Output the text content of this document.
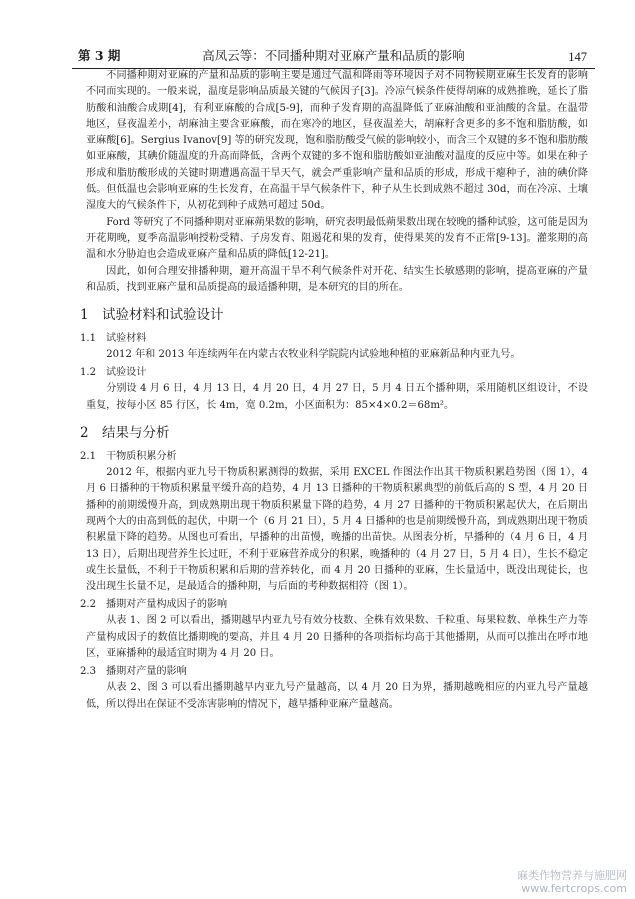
第 3 期	高凤云等：不同播种期对亚麻产量和品质的影响	147

不同播种期对亚麻的产量和品质的影响主要是通过气温和降雨等环境因子对不同物候期亚麻生长发育的影响不同而实现的。一般来说，温度是影响品质最关键的气候因子[3]。冷凉气候条件使得胡麻的成熟推晚，延长了脂肪酸和油酸合成期[4]，有利亚麻酸的合成[5-9]，而种子发育期的高温降低了亚麻油酸和亚油酸的含量。在温带地区，昼夜温差小，胡麻油主要含亚麻酸，而在寒冷的地区，昼夜温差大，胡麻籽含更多的多不饱和脂肪酸，如亚麻酸[6]。Sergius Ivanov[9] 等的研究发现，饱和脂肪酸受气候的影响较小，而含三个双键的多不饱和脂肪酸如亚麻酸，其碘价随温度的升高而降低，含两个双键的多不饱和脂肪酸如亚油酸对温度的反应中等。如果在种子形成和脂肪酸形成的关键时期遭遇高温干旱天气，就会严重影响产量和品质的形成，形成干瘪种子，油的碘价降低。但低温也会影响亚麻的生长发育，在高温干旱气候条件下，种子从生长到成熟不超过 30d，而在冷凉、土壤湿度大的气候条件下，从初花到种子成熟可超过 50d。

Ford 等研究了不同播种期对亚麻蒴果数的影响，研究表明最低蒴果数出现在较晚的播种试验，这可能是因为开花期晚，夏季高温影响授粉受精、子房发育、阻遏花和果的发育，使得果荚的发育不正常[9-13]。灌浆期的高温和水分胁迫也会造成亚麻产量和品质的降低[12-21]。

因此，如何合理安排播种期，避开高温干旱不利气候条件对开花、结实生长敏感期的影响，提高亚麻的产量和品质，找到亚麻产量和品质提高的最适播种期，是本研究的目的所在。

1 试验材料和试验设计
1.1 试验材料

2012 年和 2013 年连续两年在内蒙古农牧业科学院院内试验地种植的亚麻新品种内亚九号。

1.2 试验设计

分别设 4 月 6 日，4 月 13 日，4 月 20 日，4 月 27 日，5 月 4 日五个播种期，采用随机区组设计，不设重复，按每小区 85 行区，长 4m，宽 0.2m，小区面积为：85×4×0.2＝68m²。

2 结果与分析
2.1 干物质积累分析

2012 年，根据内亚九号干物质积累测得的数据，采用 EXCEL 作图法作出其干物质积累趋势图（图 1），4 月 6 日播种的干物质积累量平缓升高的趋势，4 月 13 日播种的干物质积累典型的前低后高的 S 型，4 月 20 日播种的前期缓慢升高，到成熟期出现干物质积累量下降的趋势，4 月 27 日播种的干物质积累起伏大，在后期出现两个大的由高到低的起伏，中期一个（6 月 21 日），5 月 4 日播种的也是前期缓慢升高，到成熟期出现干物质积累量下降的趋势。从图也可看出，早播种的出苗慢，晚播的出苗快。从图表分析，早播种的（4 月 6 日，4 月 13 日），后期出现营养生长过旺，不利于亚麻营养成分的积累，晚播种的（4 月 27 日，5 月 4 日），生长不稳定或生长量低，不利于干物质积累和后期的营养转化，而 4 月 20 日播种的亚麻，生长量适中，既没出现徒长，也没出现生长量不足，是最适合的播种期，与后面的考种数据相符（图 1）。

2.2 播期对产量构成因子的影响

从表 1、图 2 可以看出，播期越早内亚九号有效分枝数、全株有效果数、千粒重、每果粒数、单株生产力等产量构成因子的数值比播期晚的要高，并且 4 月 20 日播种的各项指标均高于其他播期，从而可以推出在呼市地区，亚麻播种的最适宜时期为 4 月 20 日。

2.3 播期对产量的影响

从表 2、图 3 可以看出播期越早内亚九号产量越高，以 4 月 20 日为界，播期越晚相应的内亚九号产量越低，所以得出在保证不受冻害影响的情况下，越早播种亚麻产量越高。

麻类作物营养与施肥网
www.fertcrops.com
